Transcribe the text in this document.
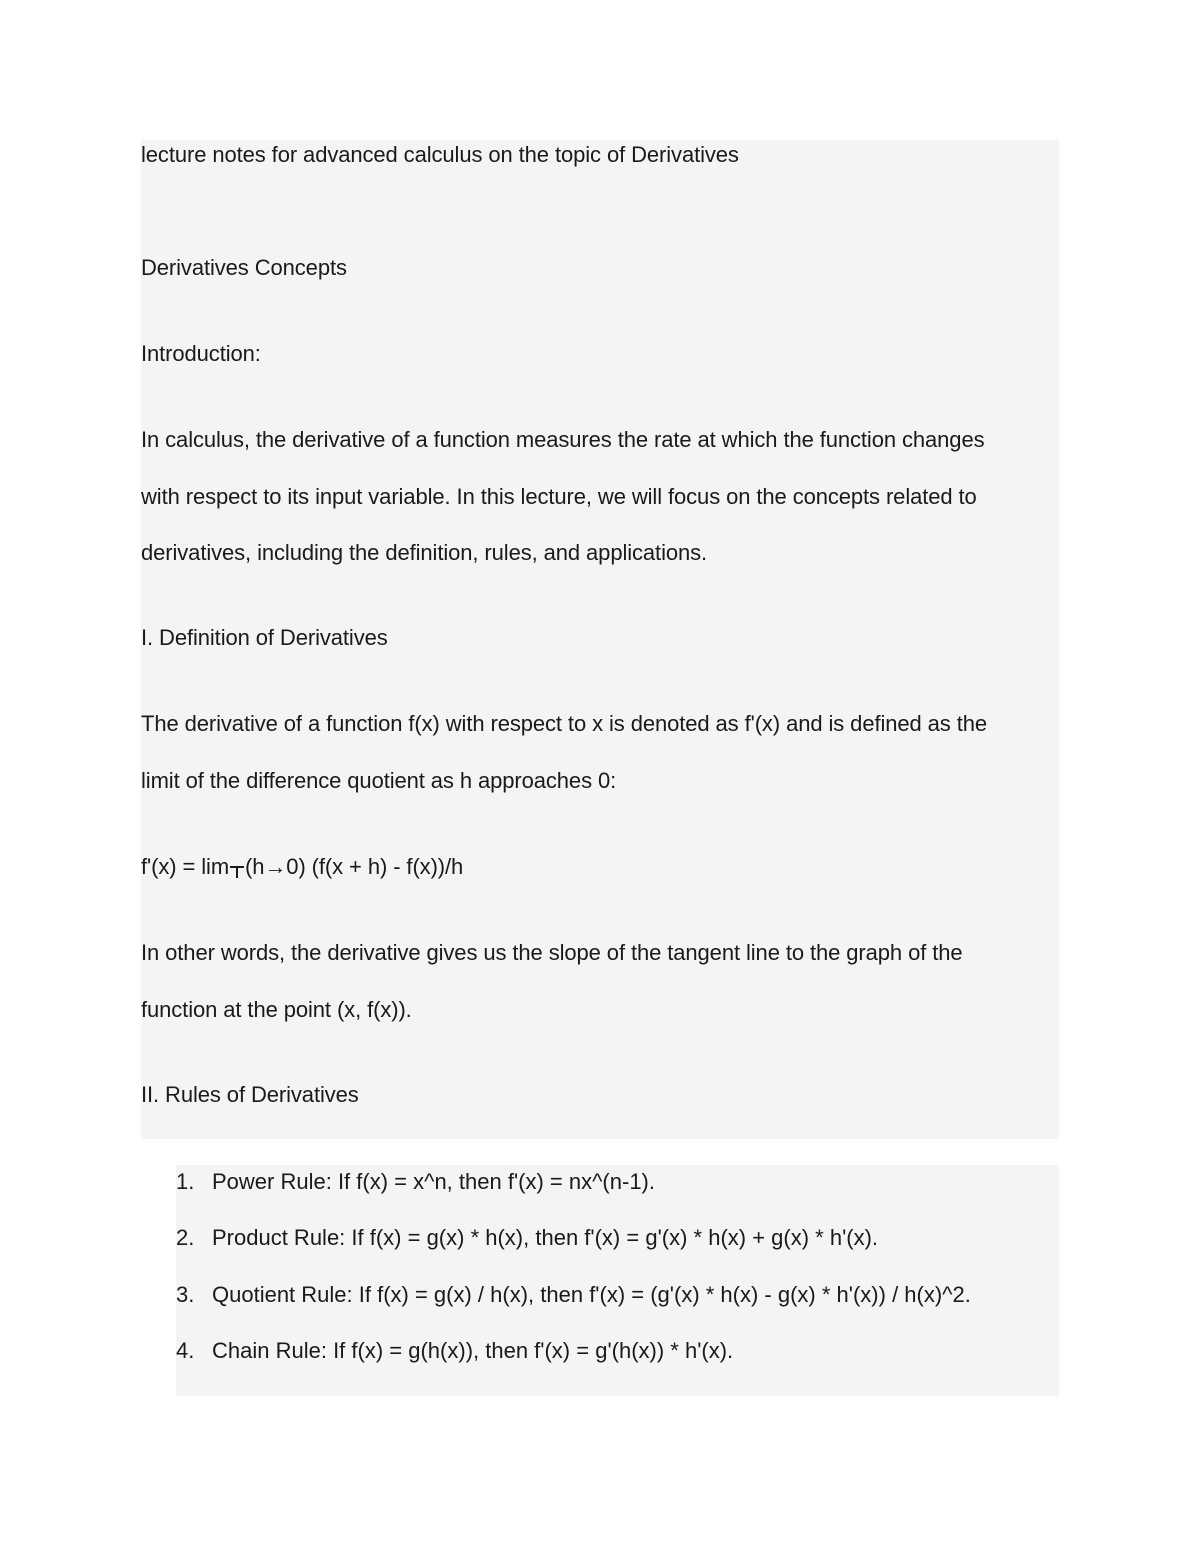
lecture notes for advanced calculus on the topic of Derivatives
Derivatives Concepts
Introduction:
In calculus, the derivative of a function measures the rate at which the function changes
with respect to its input variable. In this lecture, we will focus on the concepts related to
derivatives, including the definition, rules, and applications.
I. Definition of Derivatives
The derivative of a function f(x) with respect to x is denoted as f'(x) and is defined as the
limit of the difference quotient as h approaches 0:
f'(x) = lim (h→0) (f(x + h) - f(x))/h
In other words, the derivative gives us the slope of the tangent line to the graph of the
function at the point (x, f(x)).
II. Rules of Derivatives
1. Power Rule: If f(x) = x^n, then f'(x) = nx^(n-1).
2. Product Rule: If f(x) = g(x) * h(x), then f'(x) = g'(x) * h(x) + g(x) * h'(x).
3. Quotient Rule: If f(x) = g(x) / h(x), then f'(x) = (g'(x) * h(x) - g(x) * h'(x)) / h(x)^2.
4. Chain Rule: If f(x) = g(h(x)), then f'(x) = g'(h(x)) * h'(x).
